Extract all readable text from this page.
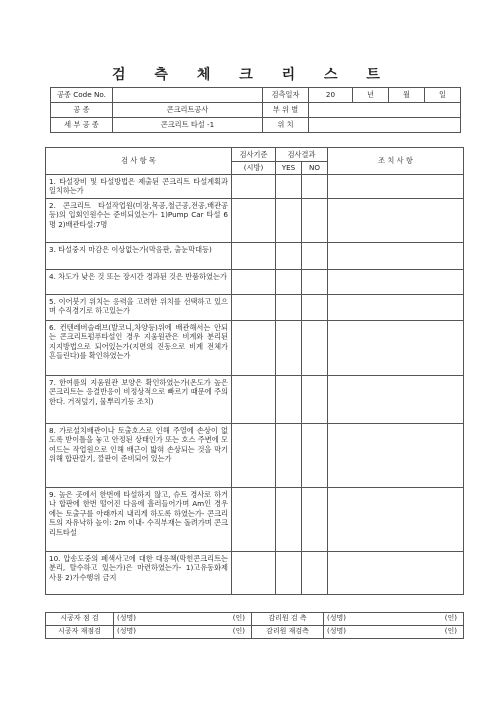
검 측 체 크 리 스 트
공종 Code No.		검측일자	20	년	월	일
공 종	콘크리트공사	부 위 별				
세 부 공 종	콘크리트 타설 -1	위 치				
검 사 항 목	검사기준	검사결과		조 치 사 항
	(시방)	YES	NO	
1. 타설장비 및 타설방법은 제출된 콘크리트 타설계획과 일치하는가				
2. 콘크리트 타설작업원(미장,목공,철근공,전공,배관공 등)의 입회인원수는 준비되었는가- 1)Pump Car 타설 6명 2)배관타설:7명				
3. 타설중지 마감은 이상없는가(막음판, 출눈막대등)				
4. 차도가 낮은 것 또는 장시간 경과된 것은 반품하였는가				
5. 이어붓기 위치는 응력을 고려한 위치를 선택하고 있으며 수직경기로 하고있는가				
6. 컨텐레버슬래브(발코니,차양등)위에 배관해서는 안되는 콘크리트펌푸타설인 경우 지움원관은 비계와 분리된 지지방법으로 되어있는가(지면의 진동으로 비계 전체가 흔들린다)를 확인하였는가				
7. 한여름의 지움원관 보양은 확인하였는가(온도가 높은 콘크리트는 응결반응이 비정상적으로 빠르기 때문에 주의한다. 거적덮기, 물뿌리기등 조치)				
8. 가로설치배관이나 토출호스로 인해 주열에 손상이 없도록 받이틀을 놓고 안정된 상태인가 또는 호스 주변에 모여드는 작업원으로 인해 배근이 밟혀 손상되는 것을 막기위해 합판깔기, 깔판이 준비되어 있는가				
9. 높은 곳에서 한번에 타설하지 않고, 슈트 경사로 하거나 합판에 한번 떨어진 다음에 흘러들어가며 Am인 경우에는 토출구를 아래까지 내리게 하도록 하였는가- 콘크리트의 자유낙하 높이: 2m 이내- 수직부재는 돌려가며 콘크리트타설				
10. 압송도중의 폐색사고에 대한 대응책(막힌콘크리트는 분리, 탈수하고 있는가)은 마련하였는가- 1)고유동화제 사용 2)가수행위 금지				
시공자 점 검	(성명)	(인)	감리원 검 측	(성명)	(인)
시공자 재점검	(성명)	(인)	감리원 재검측	(성명)	(인)
